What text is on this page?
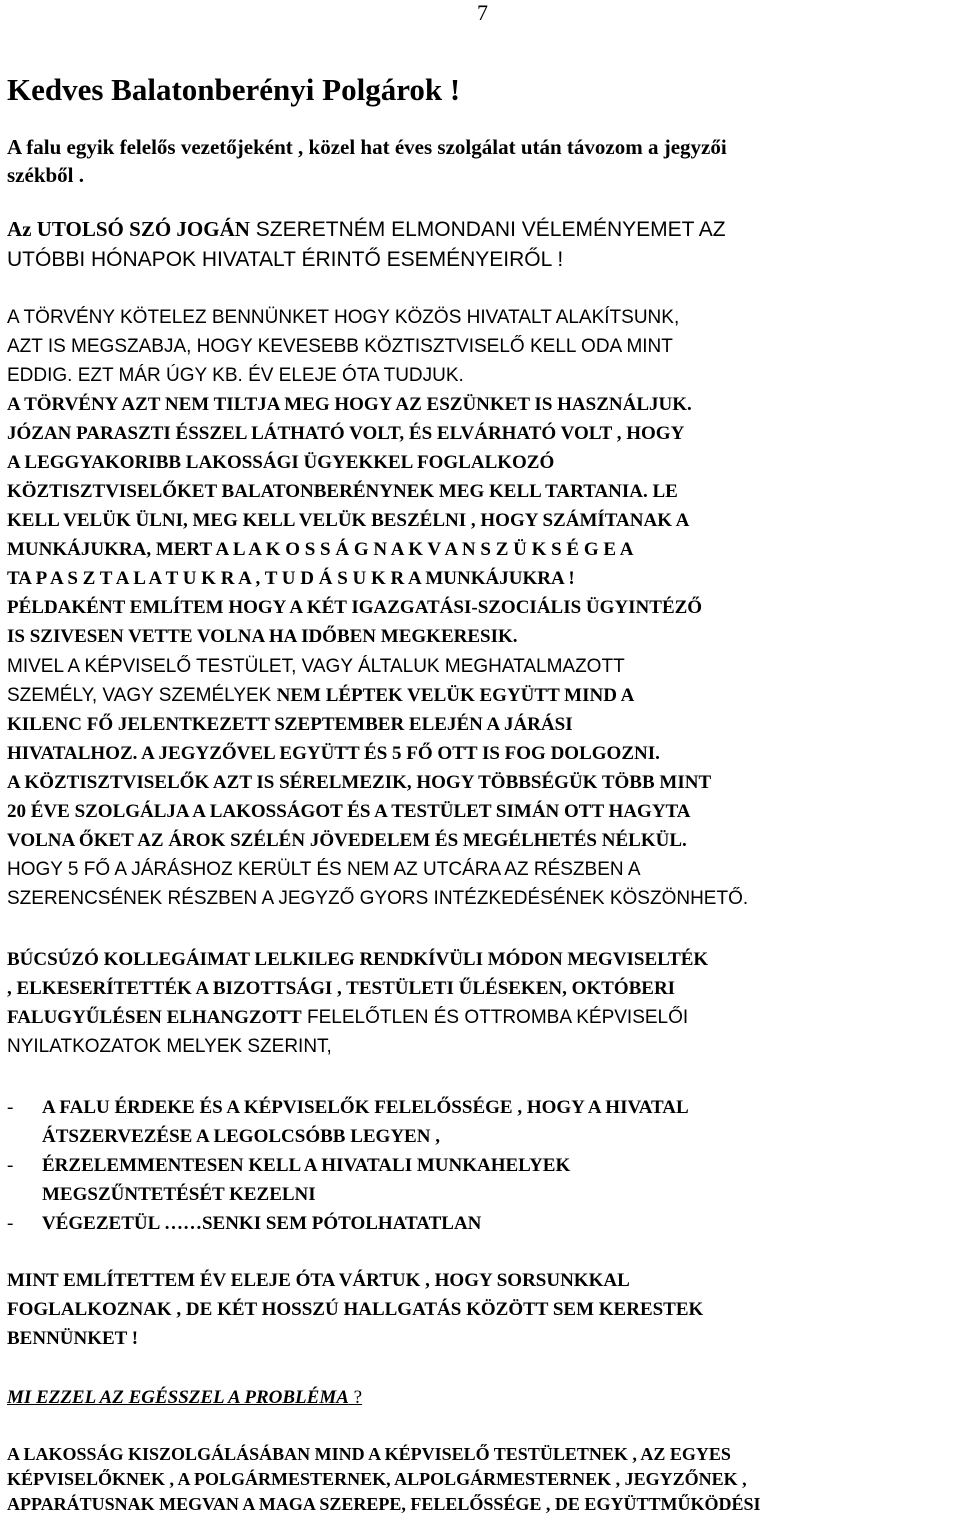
7
Kedves Balatonberényi Polgárok !
A falu egyik felelős vezetőjeként , közel hat éves szolgálat után távozom a jegyzői
székből .
Az UTOLSÓ SZÓ JOGÁN SZERETNÉM ELMONDANI VÉLEMÉNYEMET AZ
UTÓBBI HÓNAPOK HIVATALT ÉRINTŐ ESEMÉNYEIRŐL !
A TÖRVÉNY KÖTELEZ BENNÜNKET HOGY KÖZÖS HIVATALT ALAKÍTSUNK,
AZT IS MEGSZABJA, HOGY KEVESEBB KÖZTISZTVISELŐ KELL ODA MINT
EDDIG. EZT MÁR ÚGY KB. ÉV ELEJE ÓTA TUDJUK.
A TÖRVÉNY AZT NEM TILTJA MEG HOGY AZ ESZÜNKET IS HASZNÁLJUK.
JÓZAN PARASZTI ÉSSZEL LÁTHATÓ VOLT, ÉS ELVÁRHATÓ VOLT , HOGY
A LEGGYAKORIBB LAKOSSÁGI ÜGYEKKEL FOGLALKOZÓ
KÖZTISZTVISELŐKET BALATONBERÉNYNEK MEG KELL TARTANIA. LE
KELL VELÜK ÜLNI, MEG KELL VELÜK BESZÉLNI , HOGY SZÁMÍTANAK A
MUNKÁJUKRA, MERT A L A K O S S Á G N A K V A N S Z Ü K S É G E A
TA P A S Z T A L A T U K R A , T U D Á S U K R A MUNKÁJUKRA !
PÉLDAKÉNT EMLÍTEM HOGY A KÉT IGAZGATÁSI-SZOCIÁLIS ÜGYINTÉZŐ
IS SZIVESEN VETTE VOLNA HA IDŐBEN MEGKERESIK.
MIVEL A KÉPVISELŐ TESTÜLET, VAGY ÁLTALUK MEGHATALMAZOTT
SZEMÉLY, VAGY SZEMÉLYEK NEM LÉPTEK VELÜK EGYÜTT MIND A
KILENC FŐ JELENTKEZETT SZEPTEMBER ELEJÉN A JÁRÁSI
HIVATALHOZ. A JEGYZŐVEL EGYÜTT ÉS 5 FŐ OTT IS FOG DOLGOZNI.
A KÖZTISZTVISELŐK AZT IS SÉRELMEZIK, HOGY TÖBBSÉGÜK TÖBB MINT
20 ÉVE SZOLGÁLJA A LAKOSSÁGOT ÉS A TESTÜLET SIMÁN OTT HAGYTA
VOLNA ŐKET AZ ÁROK SZÉLÉN JÖVEDELEM ÉS MEGÉLHETÉS NÉLKÜL.
HOGY 5 FŐ A JÁRÁSHOZ KERÜLT ÉS NEM AZ UTCÁRA AZ RÉSZBEN A
SZERENCSÉNEK RÉSZBEN A JEGYZŐ GYORS INTÉZKEDÉSÉNEK KÖSZÖNHETŐ.
BÚCSÚZÓ KOLLEGÁIMAT LELKILEG RENDKÍVÜLI MÓDON MEGVISELTÉK
, ELKESERÍTETTÉK A BIZOTTSÁGI , TESTÜLETI ŰLÉSEKEN, OKTÓBERI
FALUGYŰLÉSEN ELHANGZOTT FELELŐTLEN ÉS OTTROMBA KÉPVISELŐI
NYILATKOZATOK MELYEK SZERINT,
- A FALU ÉRDEKE ÉS A KÉPVISELŐK FELELŐSSÉGE , HOGY A HIVATAL
ÁTSZERVEZÉSE A LEGOLCSÓBB LEGYEN ,
- ÉRZELEMMENTESEN KELL A HIVATALI MUNKAHELYEK
MEGSZŰNTETÉSÉT KEZELNI
- VÉGEZETÜL ……SENKI SEM PÓTOLHATATLAN
MINT EMLÍTETTEM ÉV ELEJE ÓTA VÁRTUK , HOGY SORSUNKKAL
FOGLALKOZNAK , DE KÉT HOSSZÚ HALLGATÁS KÖZÖTT SEM KERESTEK
BENNÜNKET !
MI EZZEL AZ EGÉSSZEL A PROBLÉMA ?
A LAKOSSÁG KISZOLGÁLÁSÁBAN MIND A KÉPVISELŐ TESTÜLETNEK , AZ EGYES
KÉPVISELŐKNEK , A POLGÁRMESTERNEK, ALPOLGÁRMESTERNEK , JEGYZŐNEK ,
APPARÁTUSNAK MEGVAN A MAGA SZEREPE, FELELŐSSÉGE , DE EGYÜTTMŰKÖDÉSI
